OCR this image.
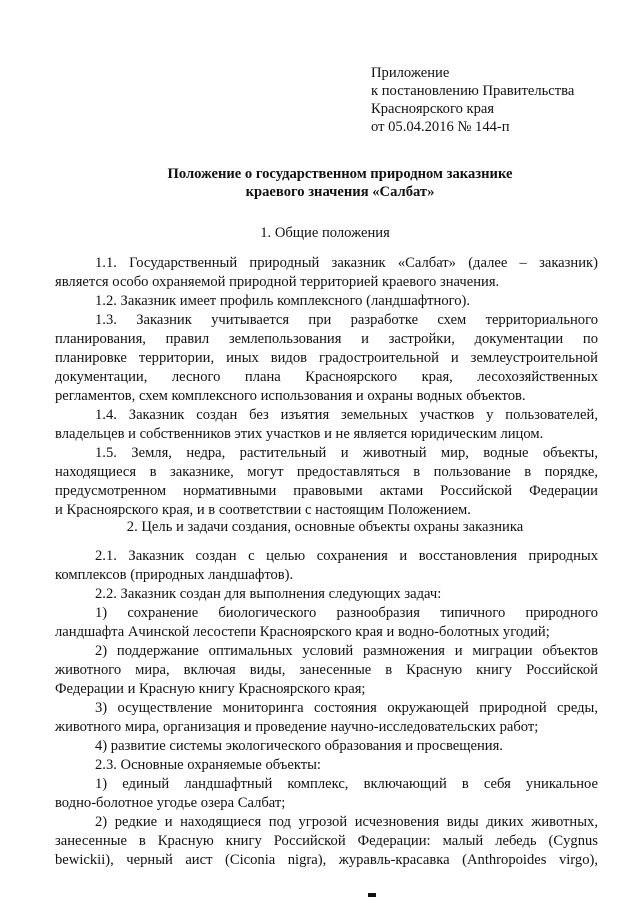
Приложение
к постановлению Правительства
Красноярского края
от 05.04.2016 № 144-п
Положение о государственном природном заказнике
краевого значения «Салбат»
1. Общие положения
1.1. Государственный природный заказник «Салбат» (далее – заказник)
является особо охраняемой природной территорией краевого значения.
1.2. Заказник имеет профиль комплексного (ландшафтного).
1.3. Заказник учитывается при разработке схем территориального
планирования, правил землепользования и застройки, документации по
планировке территории, иных видов градостроительной и землеустроительной
документации, лесного плана Красноярского края, лесохозяйственных
регламентов, схем комплексного использования и охраны водных объектов.
1.4. Заказник создан без изъятия земельных участков у пользователей,
владельцев и собственников этих участков и не является юридическим лицом.
1.5. Земля, недра, растительный и животный мир, водные объекты,
находящиеся в заказнике, могут предоставляться в пользование в порядке,
предусмотренном нормативными правовыми актами Российской Федерации
и Красноярского края, и в соответствии с настоящим Положением.
2. Цель и задачи создания, основные объекты охраны заказника
2.1. Заказник создан с целью сохранения и восстановления природных
комплексов (природных ландшафтов).
2.2. Заказник создан для выполнения следующих задач:
1) сохранение биологического разнообразия типичного природного
ландшафта Ачинской лесостепи Красноярского края и водно-болотных угодий;
2) поддержание оптимальных условий размножения и миграции объектов
животного мира, включая виды, занесенные в Красную книгу Российской
Федерации и Красную книгу Красноярского края;
3) осуществление мониторинга состояния окружающей природной среды,
животного мира, организация и проведение научно-исследовательских работ;
4) развитие системы экологического образования и просвещения.
2.3. Основные охраняемые объекты:
1) единый ландшафтный комплекс, включающий в себя уникальное
водно-болотное угодье озера Салбат;
2) редкие и находящиеся под угрозой исчезновения виды диких животных,
занесенные в Красную книгу Российской Федерации: малый лебедь (Cygnus
bewickii), черный аист (Ciconia nigra), журавль-красавка (Anthropoides virgo),
